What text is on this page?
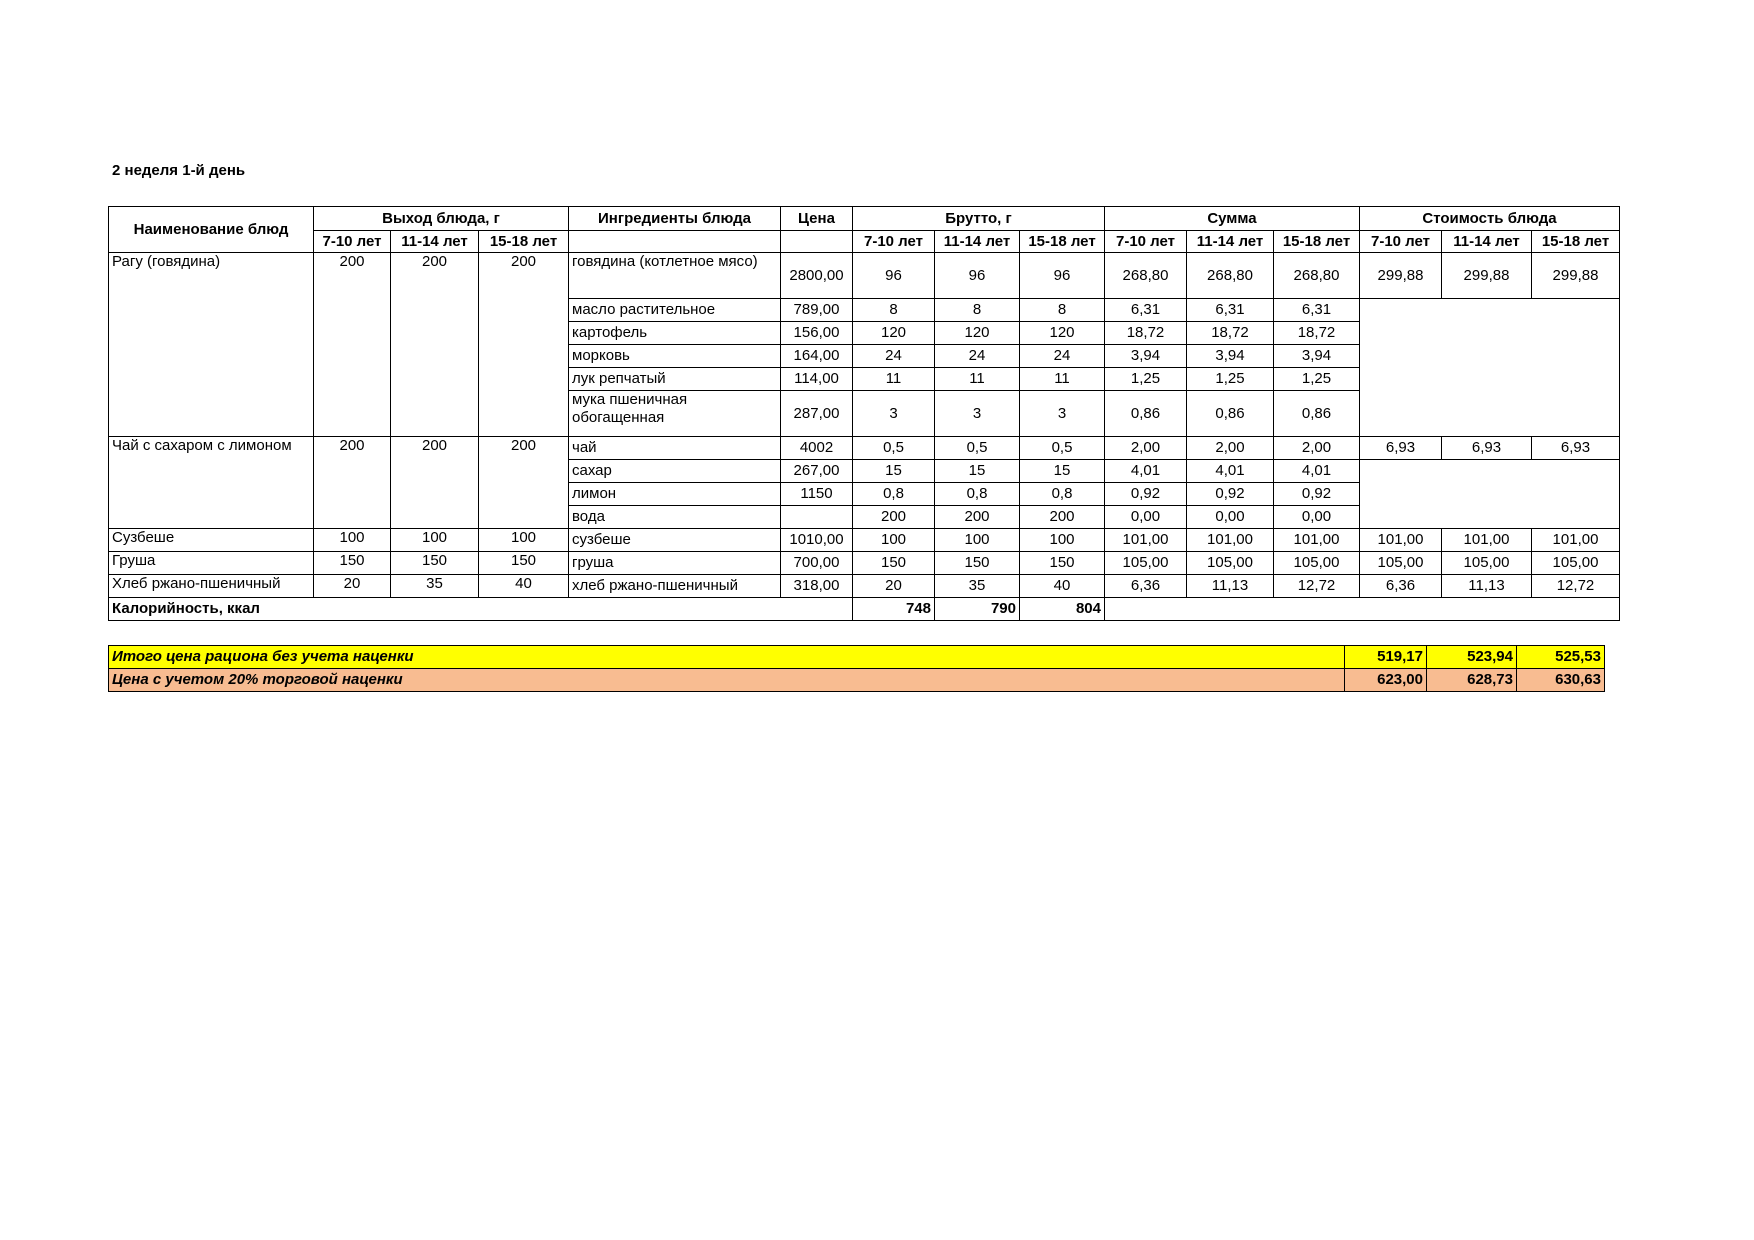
2 неделя 1-й день
Наименование блюд	Выход блюда, г			Ингредиенты блюда	Цена	Брутто, г			Сумма			Стоимость блюда		
	7-10 лет	11-14 лет	15-18 лет			7-10 лет	11-14 лет	15-18 лет	7-10 лет	11-14 лет	15-18 лет	7-10 лет	11-14 лет	15-18 лет
Рагу (говядина)	200	200	200	говядина (котлетное мясо)	2800,00	96	96	96	268,80	268,80	268,80	299,88	299,88	299,88
				масло растительное	789,00	8	8	8	6,31	6,31	6,31			
				картофель	156,00	120	120	120	18,72	18,72	18,72			
				морковь	164,00	24	24	24	3,94	3,94	3,94			
				лук репчатый	114,00	11	11	11	1,25	1,25	1,25			
				мука пшеничная обогащенная	287,00	3	3	3	0,86	0,86	0,86			
Чай с сахаром с лимоном	200	200	200	чай	4002	0,5	0,5	0,5	2,00	2,00	2,00	6,93	6,93	6,93
				сахар	267,00	15	15	15	4,01	4,01	4,01			
				лимон	1150	0,8	0,8	0,8	0,92	0,92	0,92			
				вода		200	200	200	0,00	0,00	0,00			
Сузбеше	100	100	100	сузбеше	1010,00	100	100	100	101,00	101,00	101,00	101,00	101,00	101,00
Груша	150	150	150	груша	700,00	150	150	150	105,00	105,00	105,00	105,00	105,00	105,00
Хлеб ржано-пшеничный	20	35	40	хлеб ржано-пшеничный	318,00	20	35	40	6,36	11,13	12,72	6,36	11,13	12,72
Калорийность, ккал						748	790	804						
Итого цена рациона без учета наценки	519,17	523,94	525,53
Цена с учетом 20% торговой наценки	623,00	628,73	630,63
